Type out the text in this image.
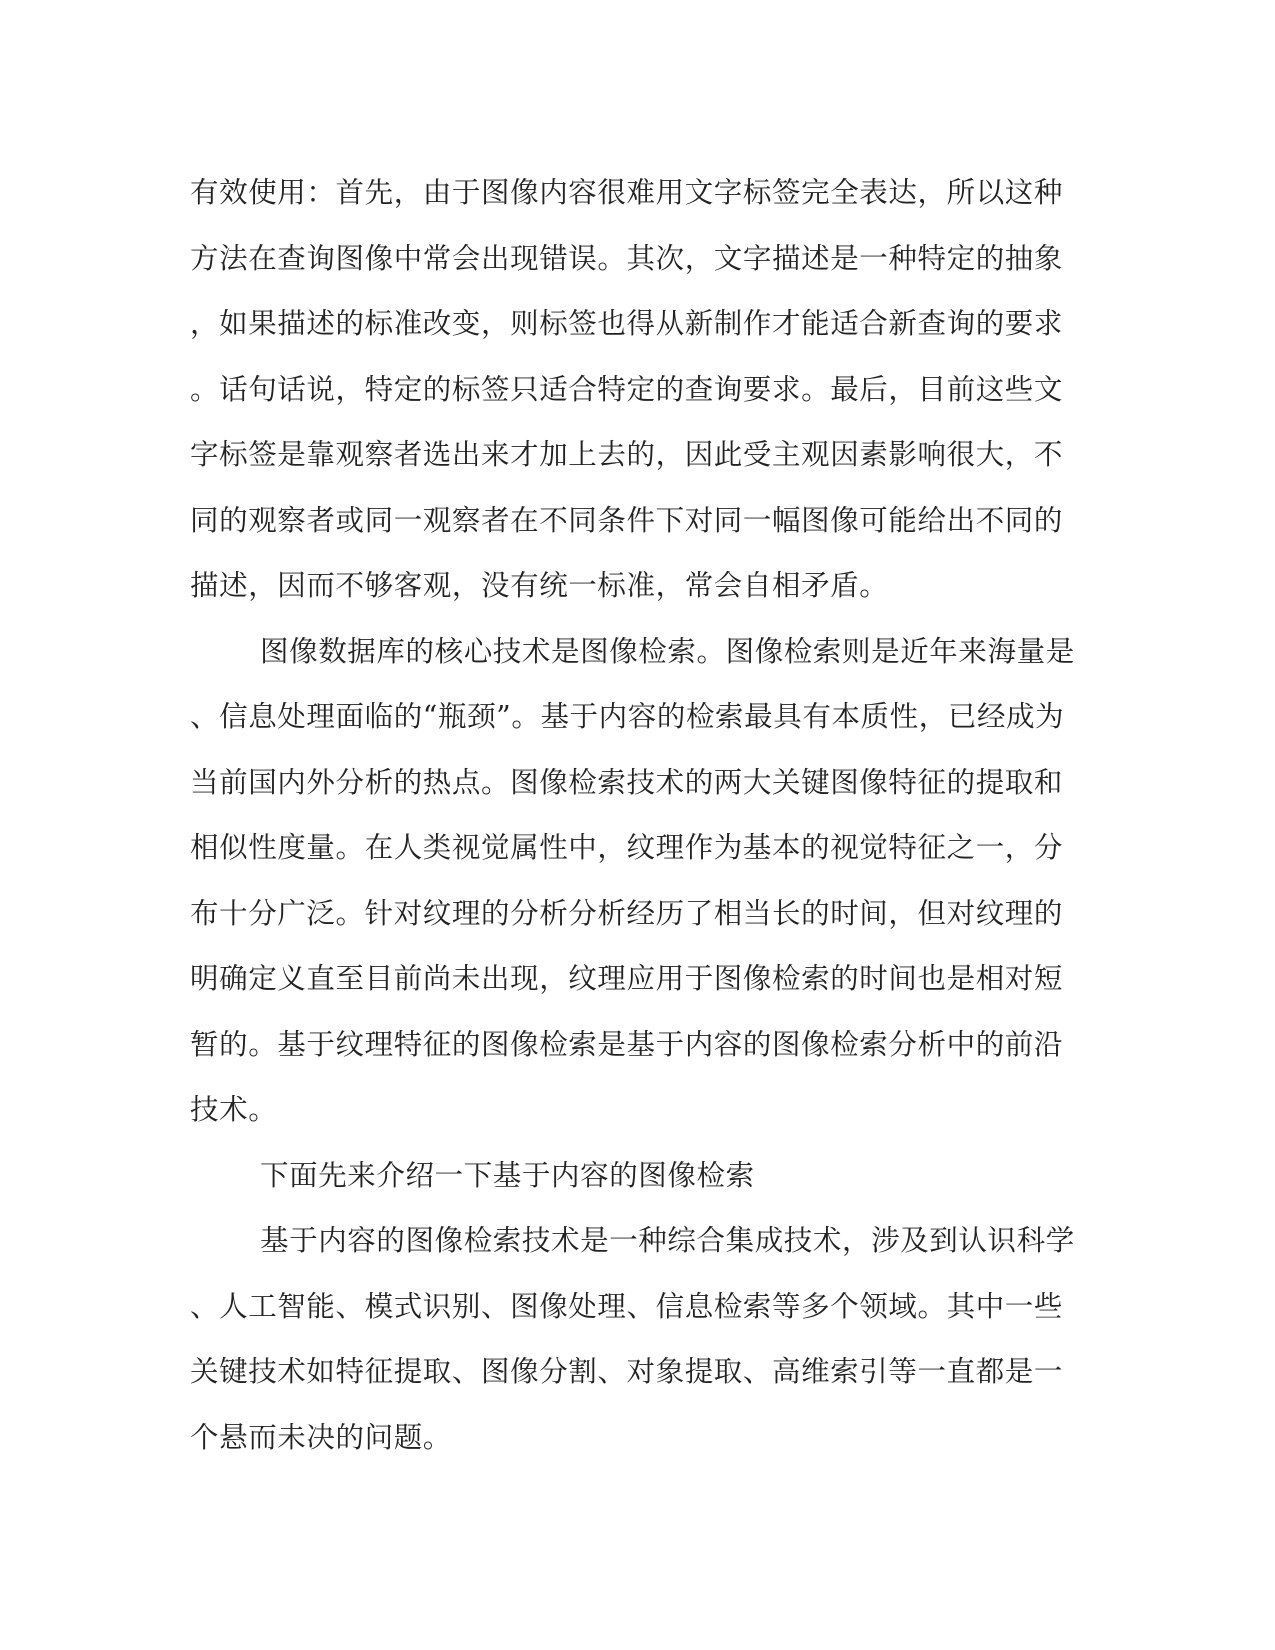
有效使用：首先，由于图像内容很难用文字标签完全表达，所以这种
方法在查询图像中常会出现错误。其次，文字描述是一种特定的抽象
，如果描述的标准改变，则标签也得从新制作才能适合新查询的要求
。话句话说，特定的标签只适合特定的查询要求。最后，目前这些文
字标签是靠观察者选出来才加上去的，因此受主观因素影响很大，不
同的观察者或同一观察者在不同条件下对同一幅图像可能给出不同的
描述，因而不够客观，没有统一标准，常会自相矛盾。
图像数据库的核心技术是图像检索。图像检索则是近年来海量是
、信息处理面临的“瓶颈”。基于内容的检索最具有本质性，已经成为
当前国内外分析的热点。图像检索技术的两大关键图像特征的提取和
相似性度量。在人类视觉属性中，纹理作为基本的视觉特征之一，分
布十分广泛。针对纹理的分析分析经历了相当长的时间，但对纹理的
明确定义直至目前尚未出现，纹理应用于图像检索的时间也是相对短
暂的。基于纹理特征的图像检索是基于内容的图像检索分析中的前沿
技术。
下面先来介绍一下基于内容的图像检索
基于内容的图像检索技术是一种综合集成技术，涉及到认识科学
、人工智能、模式识别、图像处理、信息检索等多个领域。其中一些
关键技术如特征提取、图像分割、对象提取、高维索引等一直都是一
个悬而未决的问题。
